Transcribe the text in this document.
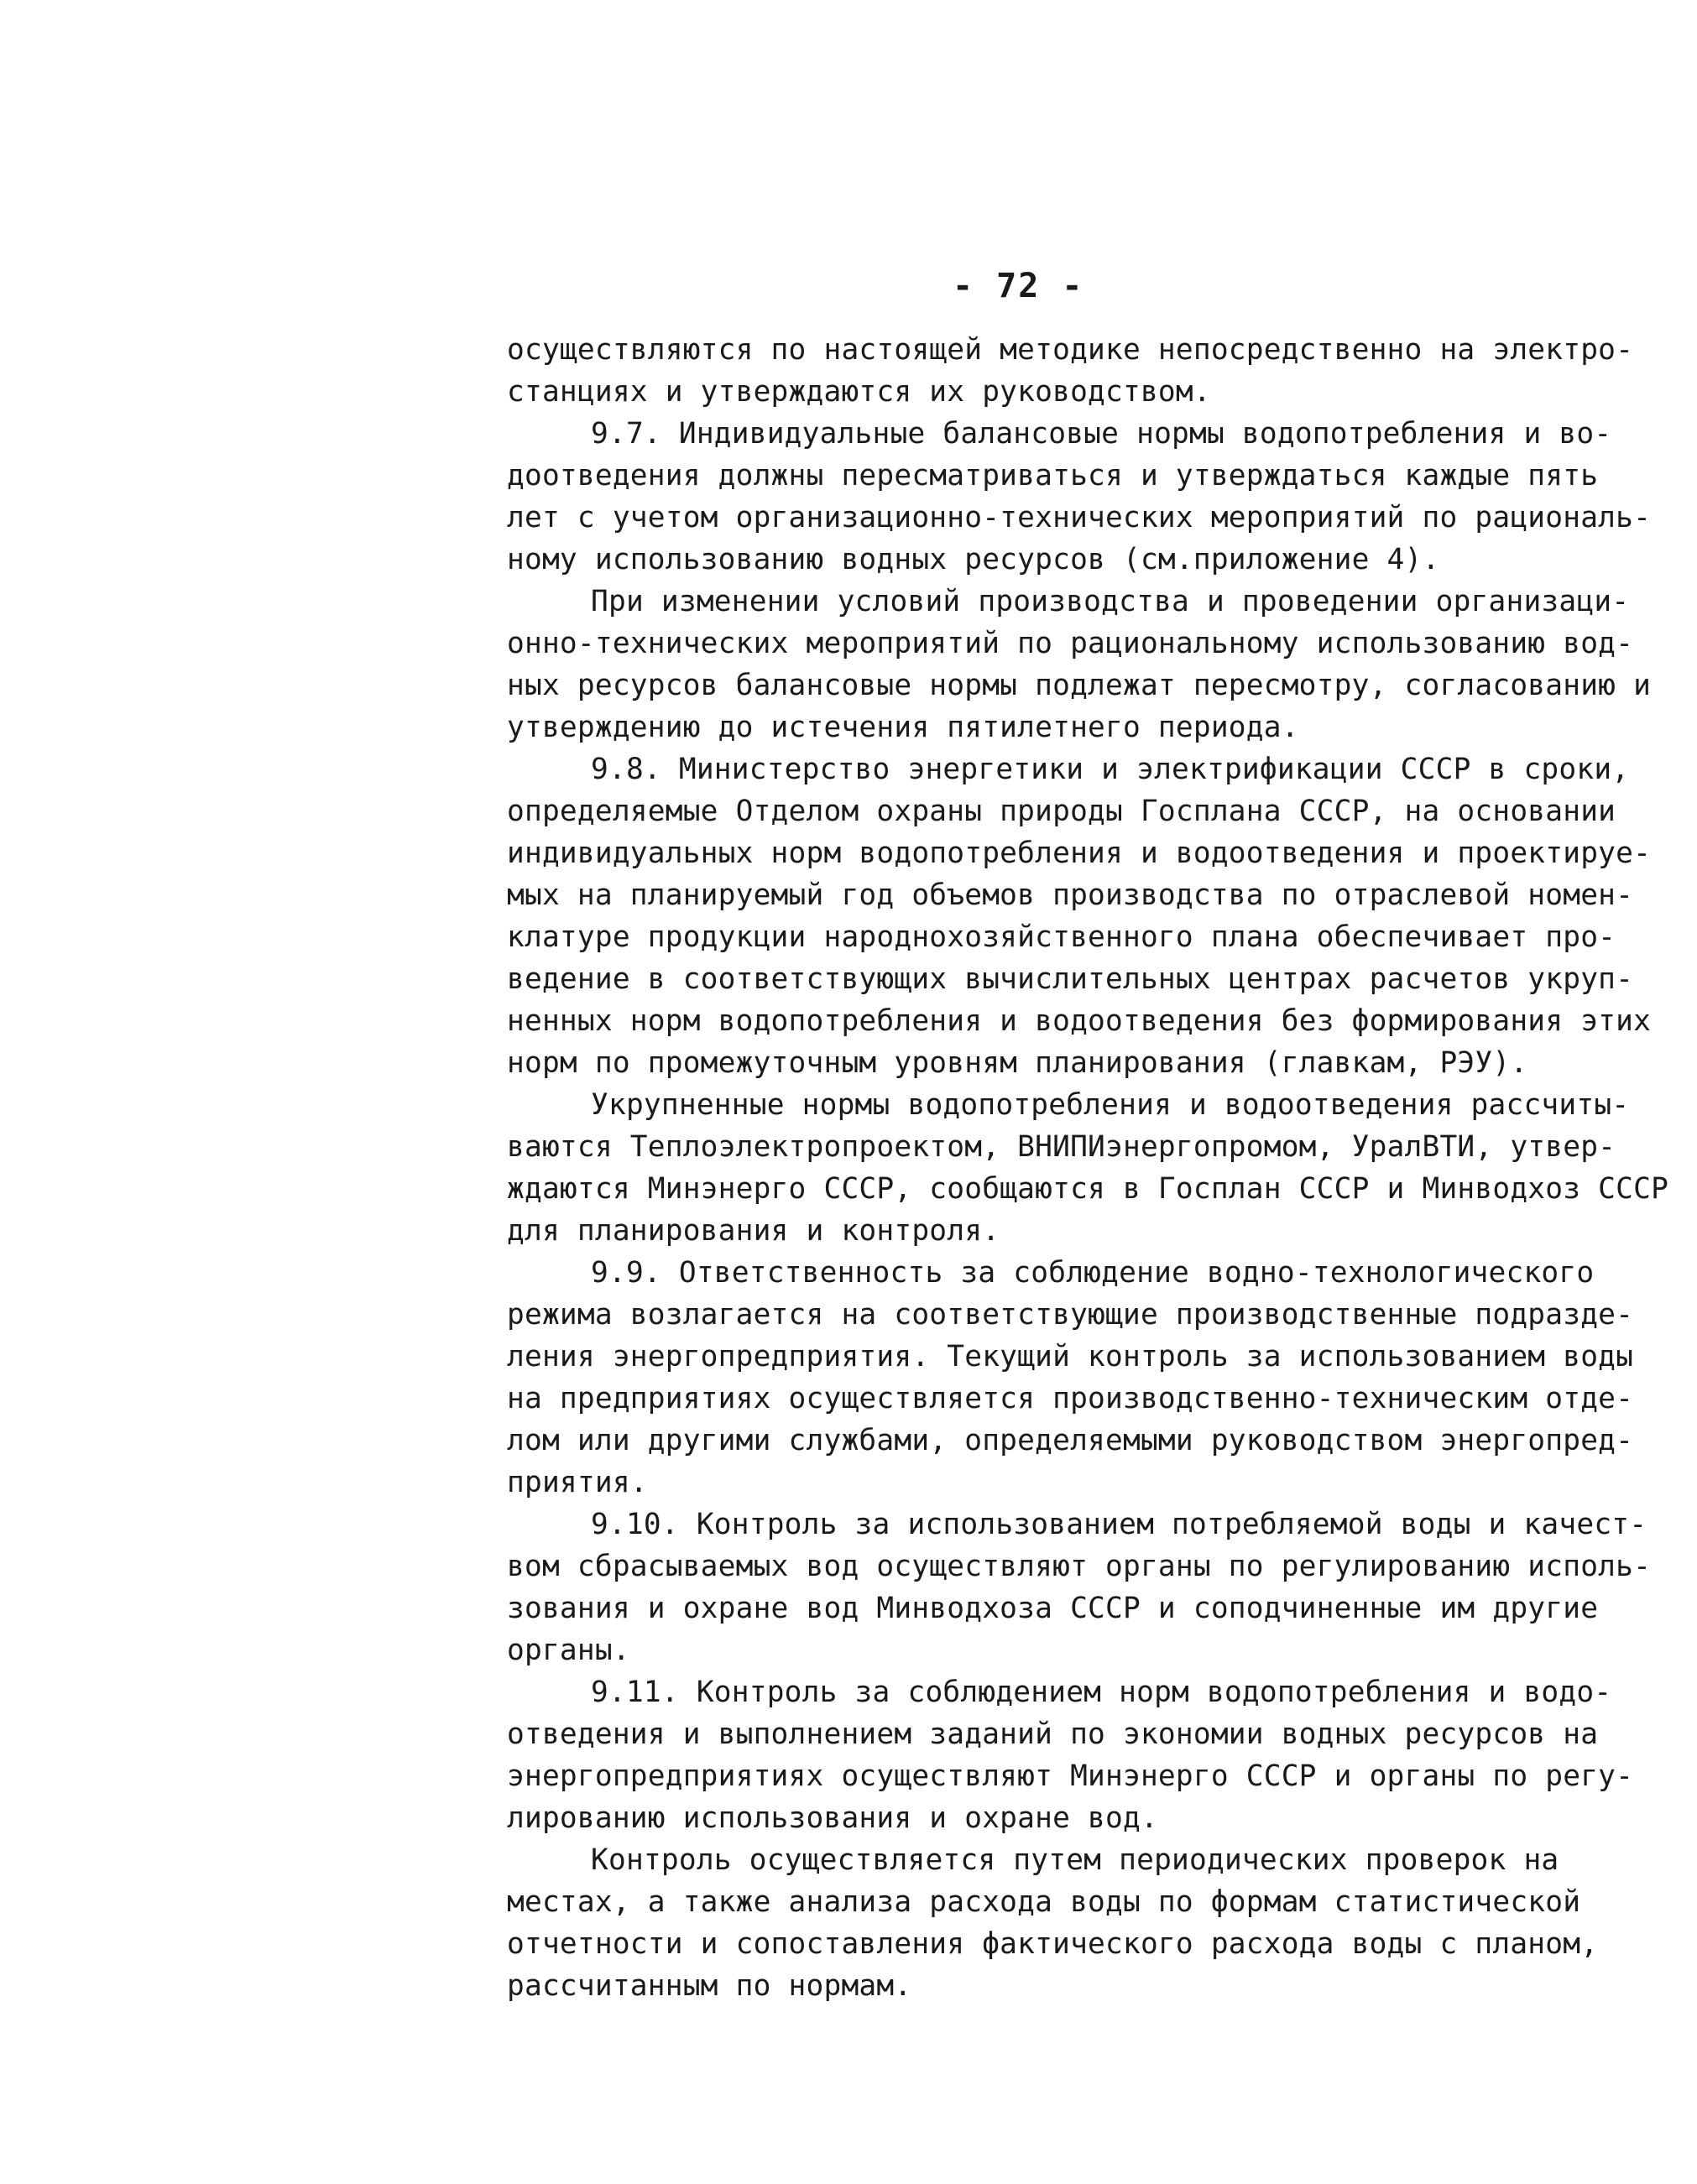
- 72 -
осуществляются по настоящей методике непосредственно на электро-
станциях и утверждаются их руководством.
9.7. Индивидуальные балансовые нормы водопотребления и во-
доотведения должны пересматриваться и утверждаться каждые пять
лет с учетом организационно-технических мероприятий по рациональ-
ному использованию водных ресурсов (см.приложение 4).
При изменении условий производства и проведении организаци-
онно-технических мероприятий по рациональному использованию вод-
ных ресурсов балансовые нормы подлежат пересмотру, согласованию и
утверждению до истечения пятилетнего периода.
9.8. Министерство энергетики и электрификации СССР в сроки,
определяемые Отделом охраны природы Госплана СССР, на основании
индивидуальных норм водопотребления и водоотведения и проектируе-
мых на планируемый год объемов производства по отраслевой номен-
клатуре продукции народнохозяйственного плана обеспечивает про-
ведение в соответствующих вычислительных центрах расчетов укруп-
ненных норм водопотребления и водоотведения без формирования этих
норм по промежуточным уровням планирования (главкам, РЭУ).
Укрупненные нормы водопотребления и водоотведения рассчиты-
ваются Теплоэлектропроектом, ВНИПИэнергопромом, УралВТИ, утвер-
ждаются Минэнерго СССР, сообщаются в Госплан СССР и Минводхоз СССР
для планирования и контроля.
9.9. Ответственность за соблюдение водно-технологического
режима возлагается на соответствующие производственные подразде-
ления энергопредприятия. Текущий контроль за использованием воды
на предприятиях осуществляется производственно-техническим отде-
лом или другими службами, определяемыми руководством энергопред-
приятия.
9.10. Контроль за использованием потребляемой воды и качест-
вом сбрасываемых вод осуществляют органы по регулированию исполь-
зования и охране вод Минводхоза СССР и соподчиненные им другие
органы.
9.11. Контроль за соблюдением норм водопотребления и водо-
отведения и выполнением заданий по экономии водных ресурсов на
энергопредприятиях осуществляют Минэнерго СССР и органы по регу-
лированию использования и охране вод.
Контроль осуществляется путем периодических проверок на
местах, а также анализа расхода воды по формам статистической
отчетности и сопоставления фактического расхода воды с планом,
рассчитанным по нормам.
